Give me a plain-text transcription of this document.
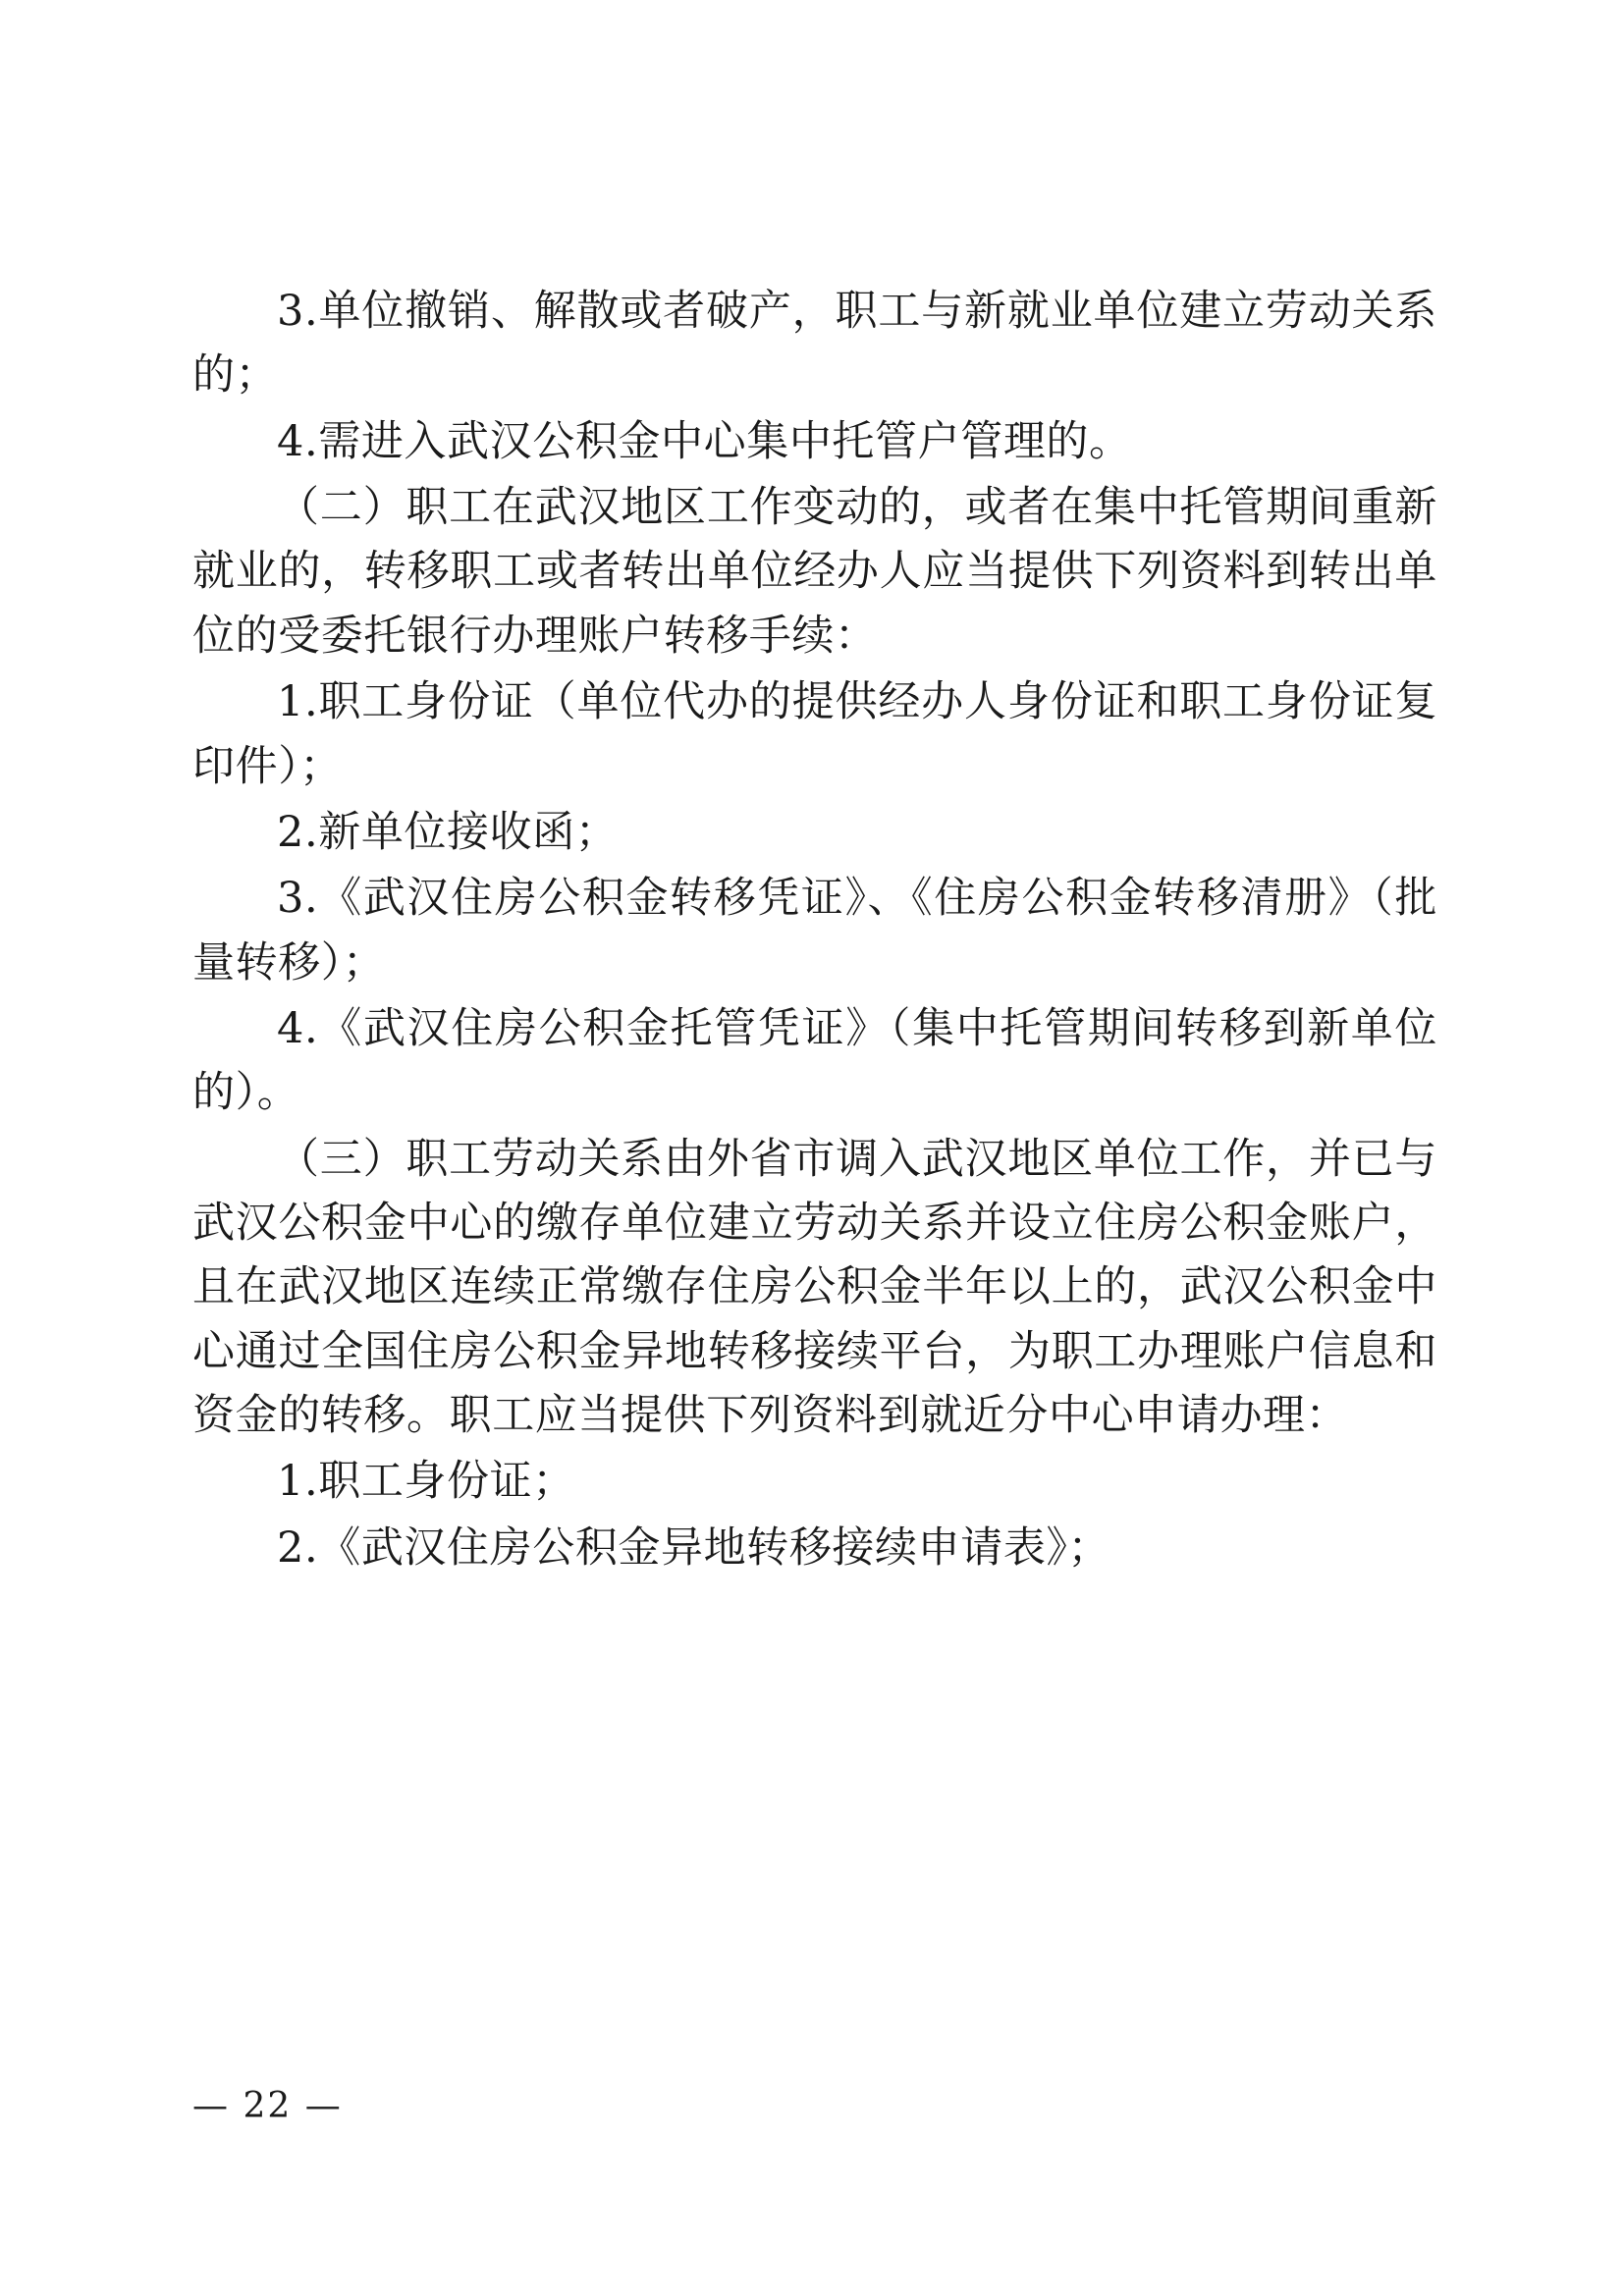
3.单位撤销、解散或者破产，职工与新就业单位建立劳动关系的；

4.需进入武汉公积金中心集中托管户管理的。

（二）职工在武汉地区工作变动的，或者在集中托管期间重新就业的，转移职工或者转出单位经办人应当提供下列资料到转出单位的受委托银行办理账户转移手续：

1.职工身份证（单位代办的提供经办人身份证和职工身份证复印件）；

2.新单位接收函；

3.《武汉住房公积金转移凭证》、《住房公积金转移清册》（批量转移）；

4.《武汉住房公积金托管凭证》（集中托管期间转移到新单位的）。

（三）职工劳动关系由外省市调入武汉地区单位工作，并已与武汉公积金中心的缴存单位建立劳动关系并设立住房公积金账户，且在武汉地区连续正常缴存住房公积金半年以上的，武汉公积金中心通过全国住房公积金异地转移接续平台，为职工办理账户信息和资金的转移。职工应当提供下列资料到就近分中心申请办理：

1.职工身份证；

2.《武汉住房公积金异地转移接续申请表》；

— 22 —
